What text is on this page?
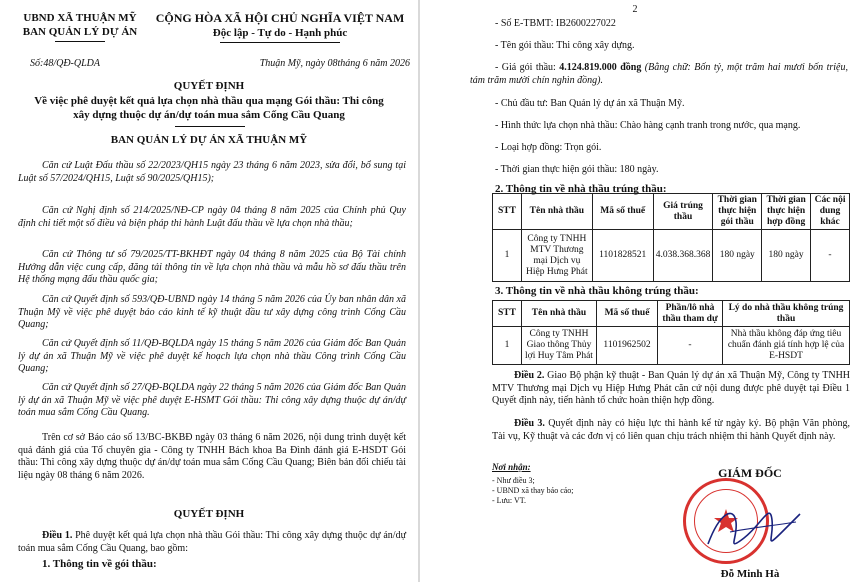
UBND XÃ THUẬN MỸ
BAN QUẢN LÝ DỰ ÁN
CỘNG HÒA XÃ HỘI CHỦ NGHĨA VIỆT NAM
Độc lập - Tự do - Hạnh phúc
Số:48/QĐ-QLDA	Thuận Mỹ, ngày 08tháng 6 năm 2026
QUYẾT ĐỊNH
Về việc phê duyệt kết quả lựa chọn nhà thầu qua mạng Gói thầu: Thi công
xây dựng thuộc dự án/dự toán mua sắm Cống Cầu Quang
BAN QUẢN LÝ DỰ ÁN XÃ THUẬN MỸ
Căn cứ Luật Đấu thầu số 22/2023/QH15 ngày 23 tháng 6 năm 2023, sửa đổi, bổ sung tại Luật số 57/2024/QH15, Luật số 90/2025/QH15);
Căn cứ Nghị định số 214/2025/NĐ-CP ngày 04 tháng 8 năm 2025 của Chính phủ Quy định chi tiết một số điều và biện pháp thi hành Luật đấu thầu về lựa chọn nhà thầu;
Căn cứ Thông tư số 79/2025/TT-BKHĐT ngày 04 tháng 8 năm 2025 của Bộ Tài chính Hướng dẫn việc cung cấp, đăng tải thông tin về lựa chọn nhà thầu và mẫu hồ sơ đấu thầu trên Hệ thống mạng đấu thầu quốc gia;
Căn cứ Quyết định số 593/QĐ-UBND ngày 14 tháng 5 năm 2026 của Ủy ban nhân dân xã Thuận Mỹ về việc phê duyệt báo cáo kinh tế kỹ thuật đầu tư xây dựng công trình Cống Cầu Quang;
Căn cứ Quyết định số 11/QĐ-BQLDA ngày 15 tháng 5 năm 2026 của Giám đốc Ban Quản lý dự án xã Thuận Mỹ về việc phê duyệt kế hoạch lựa chọn nhà thầu Công trình Cống Cầu Quang;
Căn cứ Quyết định số 27/QĐ-BQLDA ngày 22 tháng 5 năm 2026 của Giám đốc Ban Quản lý dự án xã Thuận Mỹ về việc phê duyệt E-HSMT Gói thầu: Thi công xây dựng thuộc dự án/dự toán mua sắm Cống Cầu Quang.
Trên cơ sở Báo cáo số 13/BC-BKBĐ ngày 03 tháng 6 năm 2026, nội dung trình duyệt kết quả đánh giá của Tổ chuyên gia - Công ty TNHH Bách khoa Ba Đình đánh giá E-HSDT Gói thầu: Thi công xây dựng thuộc dự án/dự toán mua sắm Cống Cầu Quang; Biên bản đối chiếu tài liệu ngày 08 tháng 6 năm 2026.
QUYẾT ĐỊNH
Điều 1. Phê duyệt kết quả lựa chọn nhà thầu Gói thầu: Thi công xây dựng thuộc dự án/dự toán mua sắm Cống Cầu Quang, bao gồm:
1. Thông tin về gói thầu:
2
- Số E-TBMT: IB2600227022
- Tên gói thầu: Thi công xây dựng.
- Giá gói thầu: 4.124.819.000 đồng (Bằng chữ: Bốn tỷ, một trăm hai mươi bốn triệu, tám trăm mười chín nghìn đồng).
- Chủ đầu tư: Ban Quản lý dự án xã Thuận Mỹ.
- Hình thức lựa chọn nhà thầu: Chào hàng cạnh tranh trong nước, qua mạng.
- Loại hợp đồng: Trọn gói.
- Thời gian thực hiện gói thầu: 180 ngày.
2. Thông tin về nhà thầu trúng thầu:
STT	Tên nhà thầu	Mã số thuế	Giá trúng thầu	Thời gian thực hiện gói thầu	Thời gian thực hiện hợp đồng	Các nội dung khác
1	Công ty TNHH MTV Thương mại Dịch vụ Hiệp Hưng Phát	1101828521	4.038.368.368	180 ngày	180 ngày	-
3. Thông tin về nhà thầu không trúng thầu:
STT	Tên nhà thầu	Mã số thuế	Phần/lô nhà thầu tham dự	Lý do nhà thầu không trúng thầu
1	Công ty TNHH Giao thông Thủy lợi Huy Tâm Phát	1101962502	-	Nhà thầu không đáp ứng tiêu chuẩn đánh giá tính hợp lệ của E-HSDT
Điều 2. Giao Bộ phận kỹ thuật - Ban Quản lý dự án xã Thuận Mỹ, Công ty TNHH MTV Thương mại Dịch vụ Hiệp Hưng Phát căn cứ nội dung được phê duyệt tại Điều 1 Quyết định này, tiến hành tổ chức hoàn thiện hợp đồng.
Điều 3. Quyết định này có hiệu lực thi hành kể từ ngày ký. Bộ phận Văn phòng, Tài vụ, Kỹ thuật và các đơn vị có liên quan chịu trách nhiệm thi hành Quyết định này.
Nơi nhận:
- Như điều 3;
- UBND xã thay báo cáo;
- Lưu: VT.
GIÁM ĐỐC
Đỗ Minh Hà
